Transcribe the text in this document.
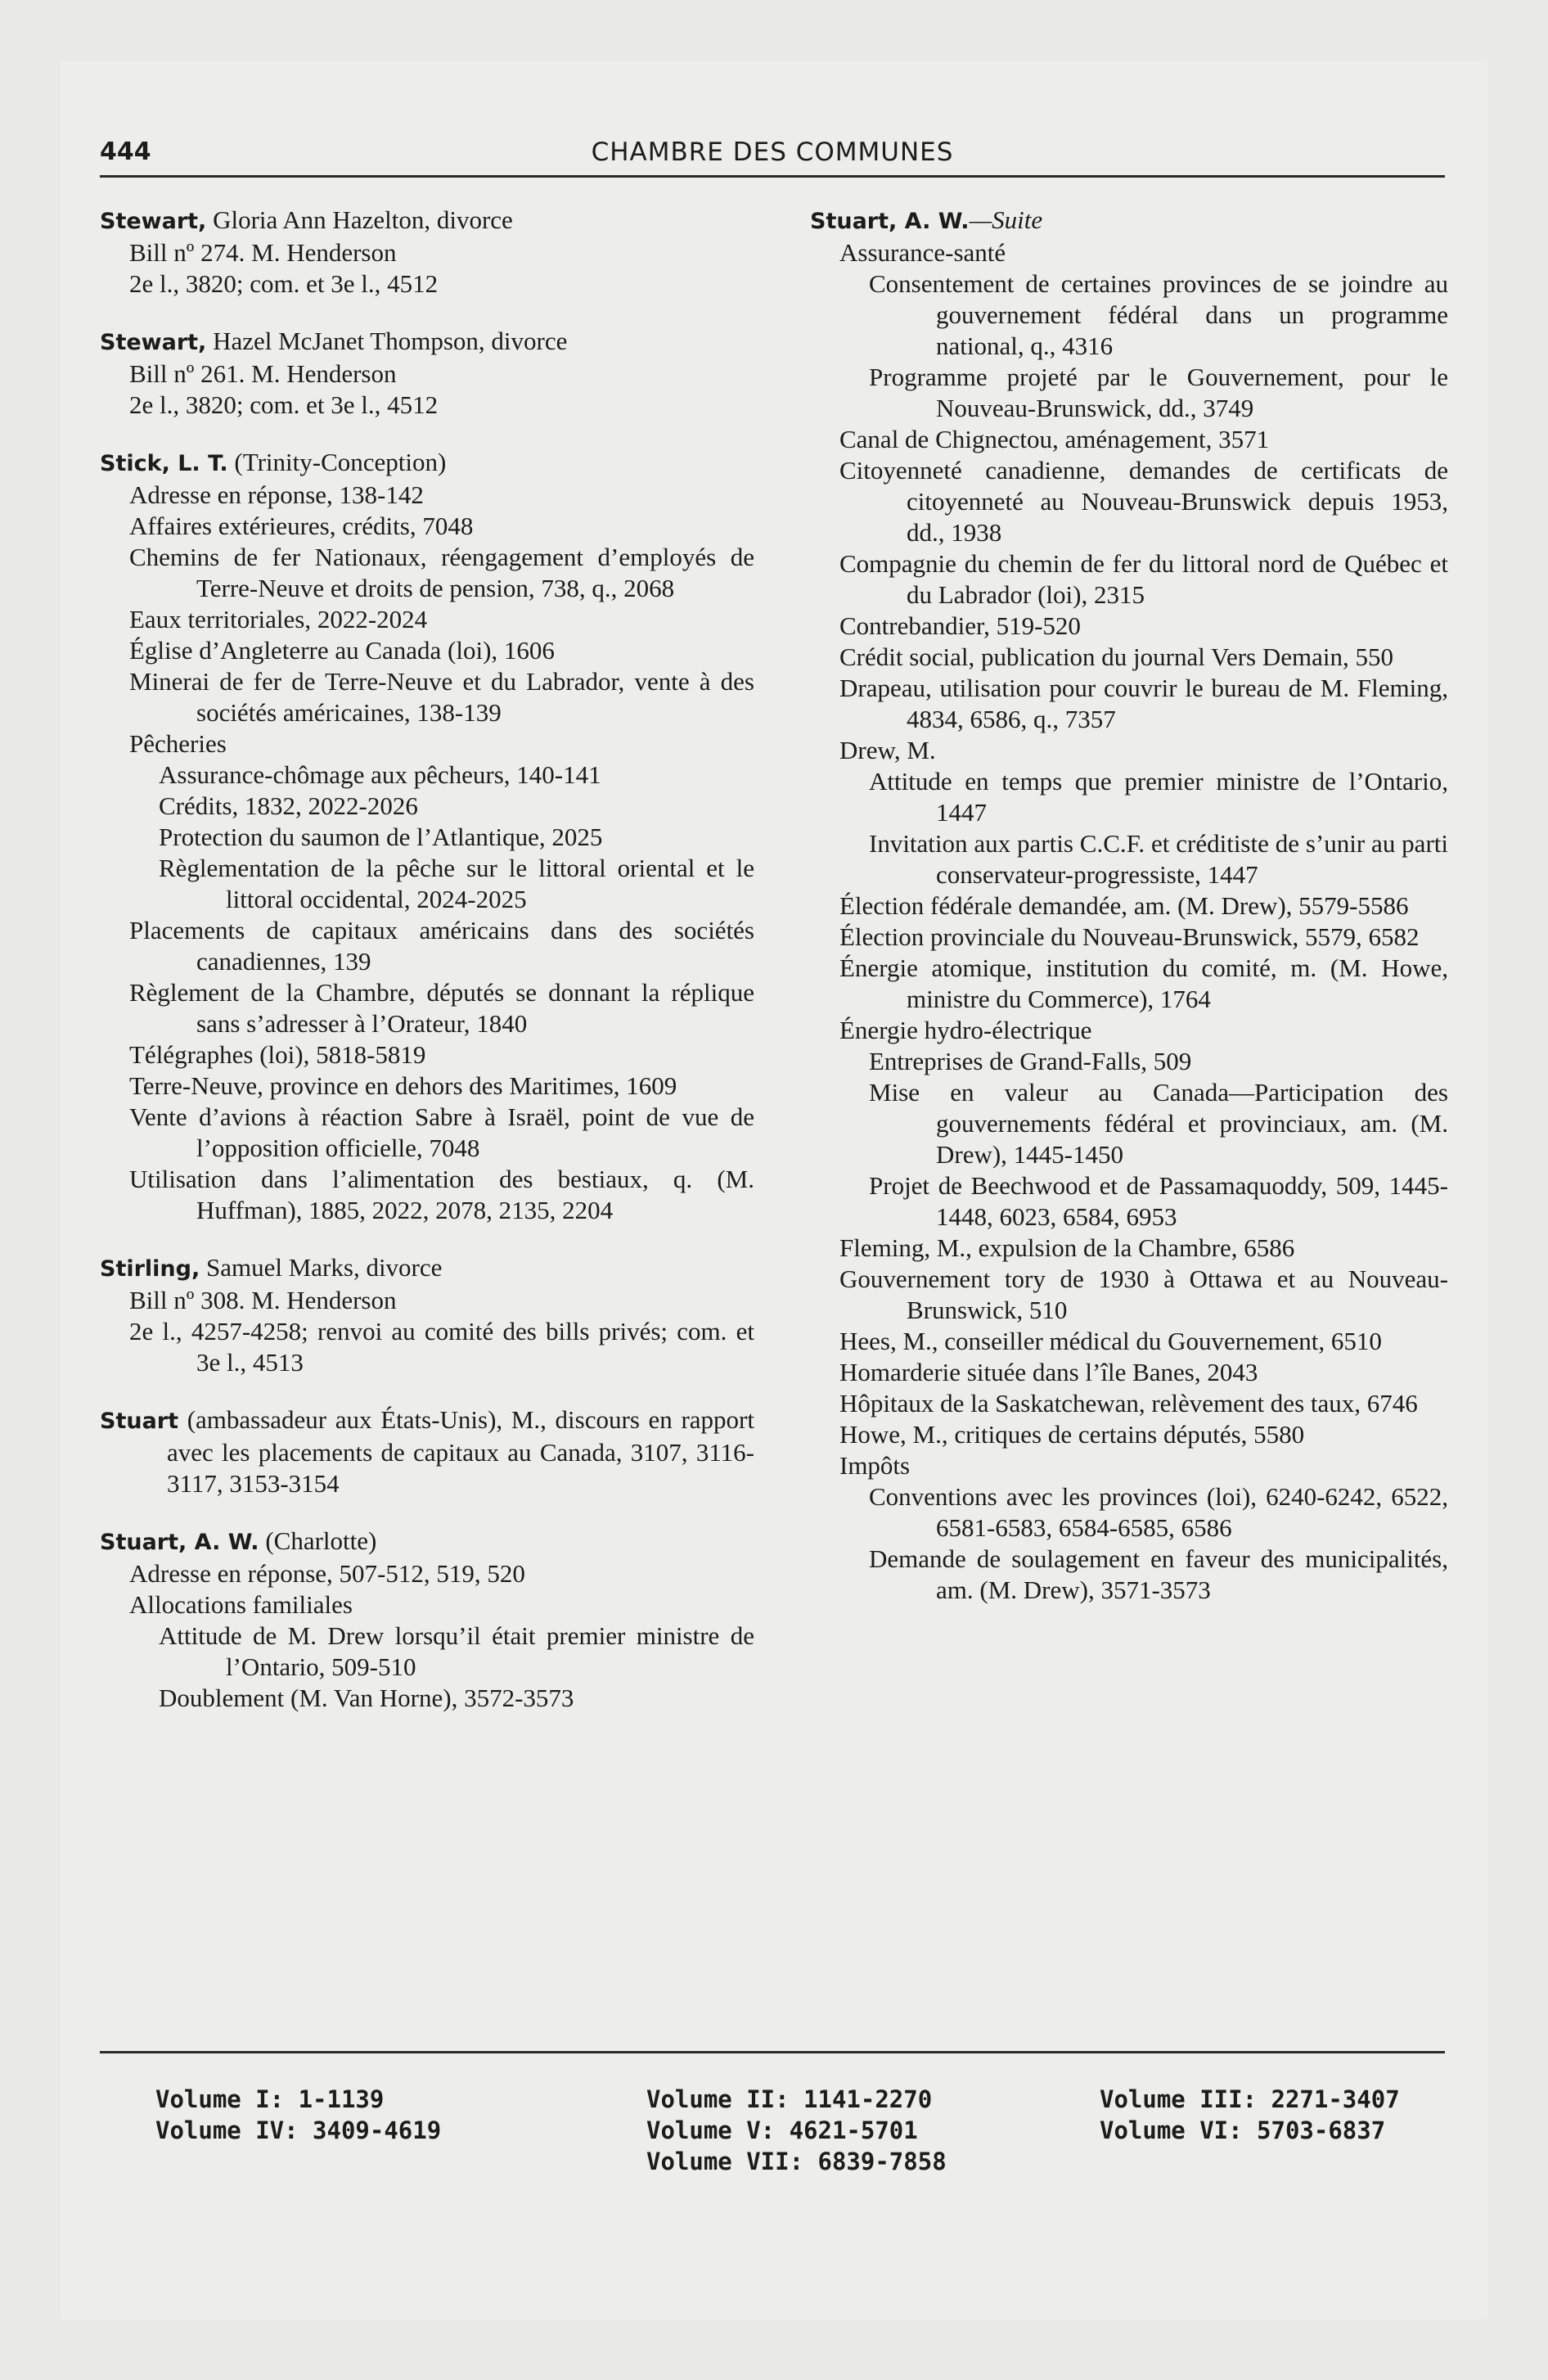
444	CHAMBRE DES COMMUNES

Stewart, Gloria Ann Hazelton, divorce

Bill nº 274. M. Henderson

2e l., 3820; com. et 3e l., 4512

Stewart, Hazel McJanet Thompson, divorce

Bill nº 261. M. Henderson

2e l., 3820; com. et 3e l., 4512

Stick, L. T. (Trinity-Conception)

Adresse en réponse, 138-142

Affaires extérieures, crédits, 7048

Chemins de fer Nationaux, réengagement d’employés de Terre-Neuve et droits de pension, 738, q., 2068

Eaux territoriales, 2022-2024

Église d’Angleterre au Canada (loi), 1606

Minerai de fer de Terre-Neuve et du Labrador, vente à des sociétés américaines, 138-139

Pêcheries

Assurance-chômage aux pêcheurs, 140-141

Crédits, 1832, 2022-2026

Protection du saumon de l’Atlantique, 2025

Règlementation de la pêche sur le littoral oriental et le littoral occidental, 2024-2025

Placements de capitaux américains dans des sociétés canadiennes, 139

Règlement de la Chambre, députés se donnant la réplique sans s’adresser à l’Orateur, 1840

Télégraphes (loi), 5818-5819

Terre-Neuve, province en dehors des Maritimes, 1609

Vente d’avions à réaction Sabre à Israël, point de vue de l’opposition officielle, 7048

Utilisation dans l’alimentation des bestiaux, q. (M. Huffman), 1885, 2022, 2078, 2135, 2204

Stirling, Samuel Marks, divorce

Bill nº 308. M. Henderson

2e l., 4257-4258; renvoi au comité des bills privés; com. et 3e l., 4513

Stuart (ambassadeur aux États-Unis), M., discours en rapport avec les placements de capitaux au Canada, 3107, 3116-3117, 3153-3154

Stuart, A. W. (Charlotte)

Adresse en réponse, 507-512, 519, 520

Allocations familiales

Attitude de M. Drew lorsqu’il était premier ministre de l’Ontario, 509-510

Doublement (M. Van Horne), 3572-3573

Stuart, A. W.—Suite

Assurance-santé

Consentement de certaines provinces de se joindre au gouvernement fédéral dans un programme national, q., 4316

Programme projeté par le Gouvernement, pour le Nouveau-Brunswick, dd., 3749

Canal de Chignectou, aménagement, 3571

Citoyenneté canadienne, demandes de certificats de citoyenneté au Nouveau-Brunswick depuis 1953, dd., 1938

Compagnie du chemin de fer du littoral nord de Québec et du Labrador (loi), 2315

Contrebandier, 519-520

Crédit social, publication du journal Vers Demain, 550

Drapeau, utilisation pour couvrir le bureau de M. Fleming, 4834, 6586, q., 7357

Drew, M.

Attitude en temps que premier ministre de l’Ontario, 1447

Invitation aux partis C.C.F. et créditiste de s’unir au parti conservateur-progressiste, 1447

Élection fédérale demandée, am. (M. Drew), 5579-5586

Élection provinciale du Nouveau-Brunswick, 5579, 6582

Énergie atomique, institution du comité, m. (M. Howe, ministre du Commerce), 1764

Énergie hydro-électrique

Entreprises de Grand-Falls, 509

Mise en valeur au Canada—Participation des gouvernements fédéral et provinciaux, am. (M. Drew), 1445-1450

Projet de Beechwood et de Passamaquoddy, 509, 1445-1448, 6023, 6584, 6953

Fleming, M., expulsion de la Chambre, 6586

Gouvernement tory de 1930 à Ottawa et au Nouveau-Brunswick, 510

Hees, M., conseiller médical du Gouvernement, 6510

Homarderie située dans l’île Banes, 2043

Hôpitaux de la Saskatchewan, relèvement des taux, 6746

Howe, M., critiques de certains députés, 5580

Impôts

Conventions avec les provinces (loi), 6240-6242, 6522, 6581-6583, 6584-6585, 6586

Demande de soulagement en faveur des municipalités, am. (M. Drew), 3571-3573

Volume I: 1-1139	Volume II: 1141-2270	Volume III: 2271-3407
Volume IV: 3409-4619	Volume V: 4621-5701	Volume VI: 5703-6837
Volume VII: 6839-7858
